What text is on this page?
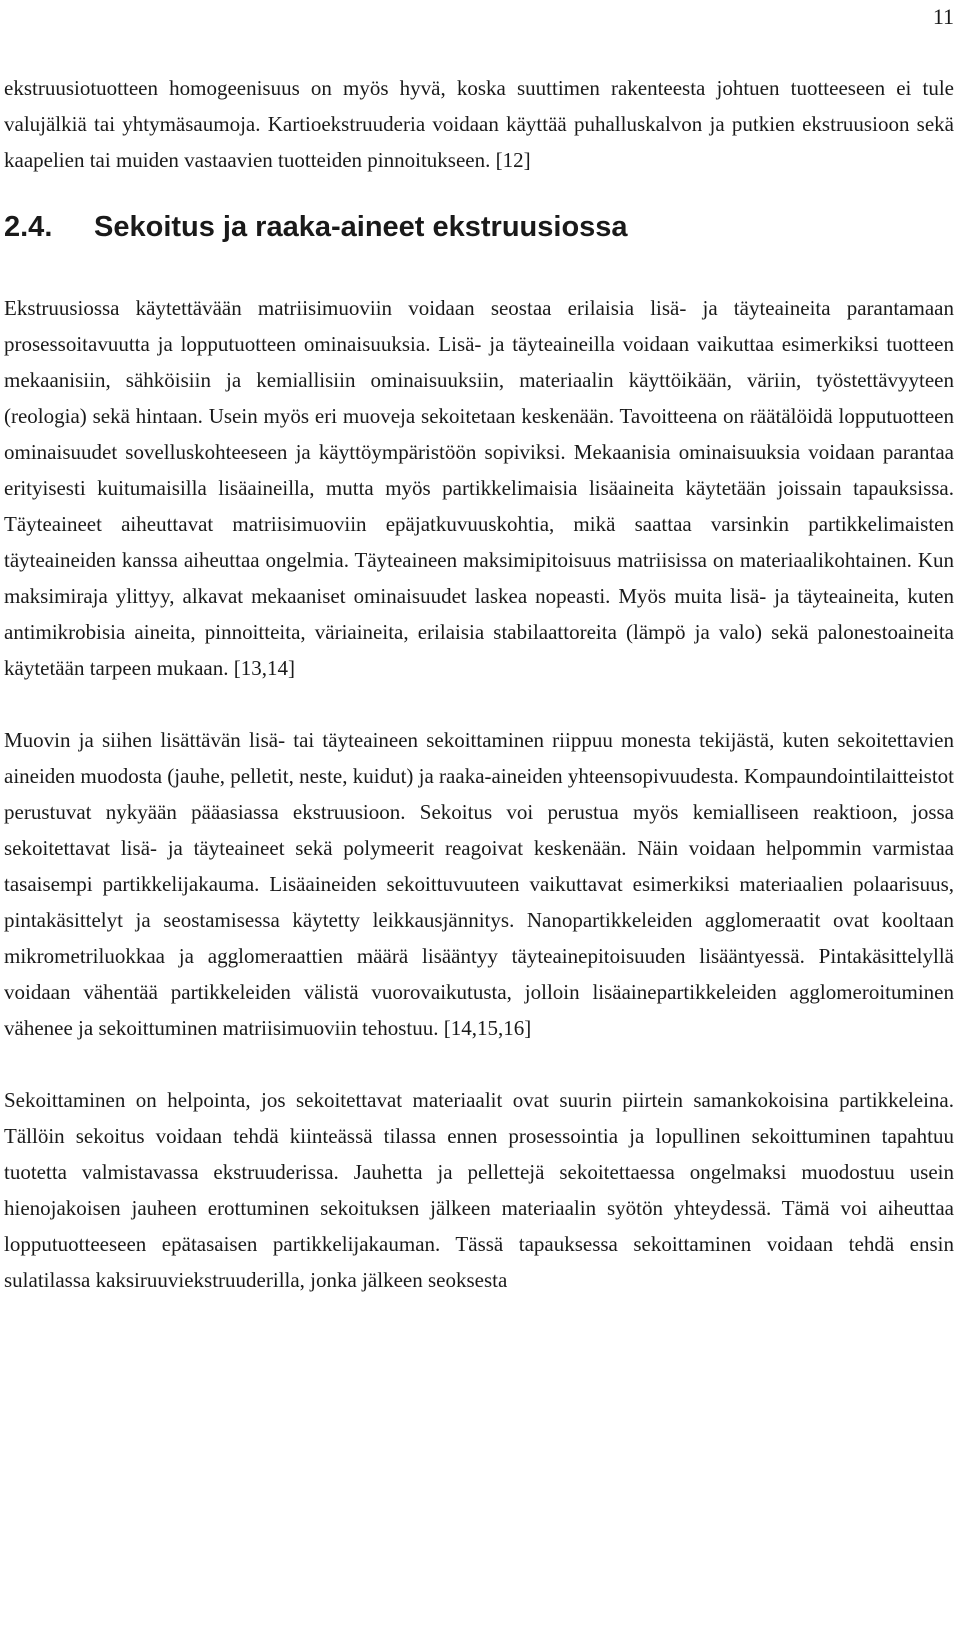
11

ekstruusiotuotteen homogeenisuus on myös hyvä, koska suuttimen rakenteesta johtuen tuotteeseen ei tule valujälkiä tai yhtymäsaumoja. Kartioekstruuderia voidaan käyttää puhalluskalvon ja putkien ekstruusioon sekä kaapelien tai muiden vastaavien tuotteiden pinnoitukseen. [12]

2.4.	Sekoitus ja raaka-aineet ekstruusiossa

Ekstruusiossa käytettävään matriisimuoviin voidaan seostaa erilaisia lisä- ja täyteaineita parantamaan prosessoitavuutta ja lopputuotteen ominaisuuksia. Lisä- ja täyteaineilla voidaan vaikuttaa esimerkiksi tuotteen mekaanisiin, sähköisiin ja kemiallisiin ominaisuuksiin, materiaalin käyttöikään, väriin, työstettävyyteen (reologia) sekä hintaan. Usein myös eri muoveja sekoitetaan keskenään. Tavoitteena on räätälöidä lopputuotteen ominaisuudet sovelluskohteeseen ja käyttöympäristöön sopiviksi. Mekaanisia ominaisuuksia voidaan parantaa erityisesti kuitumaisilla lisäaineilla, mutta myös partikkelimaisia lisäaineita käytetään joissain tapauksissa. Täyteaineet aiheuttavat matriisimuoviin epäjatkuvuuskohtia, mikä saattaa varsinkin partikkelimaisten täyteaineiden kanssa aiheuttaa ongelmia. Täyteaineen maksimipitoisuus matriisissa on materiaalikohtainen. Kun maksimiraja ylittyy, alkavat mekaaniset ominaisuudet laskea nopeasti. Myös muita lisä- ja täyteaineita, kuten antimikrobisia aineita, pinnoitteita, väriaineita, erilaisia stabilaattoreita (lämpö ja valo) sekä palonestoaineita käytetään tarpeen mukaan. [13,14]

Muovin ja siihen lisättävän lisä- tai täyteaineen sekoittaminen riippuu monesta tekijästä, kuten sekoitettavien aineiden muodosta (jauhe, pelletit, neste, kuidut) ja raaka-aineiden yhteensopivuudesta. Kompaundointilaitteistot perustuvat nykyään pääasiassa ekstruusioon. Sekoitus voi perustua myös kemialliseen reaktioon, jossa sekoitettavat lisä- ja täyteaineet sekä polymeerit reagoivat keskenään. Näin voidaan helpommin varmistaa tasaisempi partikkelijakauma. Lisäaineiden sekoittuvuuteen vaikuttavat esimerkiksi materiaalien polaarisuus, pintakäsittelyt ja seostamisessa käytetty leikkausjännitys. Nanopartikkeleiden agglomeraatit ovat kooltaan mikrometriluokkaa ja agglomeraattien määrä lisääntyy täyteainepitoisuuden lisääntyessä. Pintakäsittelyllä voidaan vähentää partikkeleiden välistä vuorovaikutusta, jolloin lisäainepartikkeleiden agglomeroituminen vähenee ja sekoittuminen matriisimuoviin tehostuu. [14,15,16]

Sekoittaminen on helpointa, jos sekoitettavat materiaalit ovat suurin piirtein samankokoisina partikkeleina. Tällöin sekoitus voidaan tehdä kiinteässä tilassa ennen prosessointia ja lopullinen sekoittuminen tapahtuu tuotetta valmistavassa ekstruuderissa. Jauhetta ja pellettejä sekoitettaessa ongelmaksi muodostuu usein hienojakoisen jauheen erottuminen sekoituksen jälkeen materiaalin syötön yhteydessä. Tämä voi aiheuttaa lopputuotteeseen epätasaisen partikkelijakauman. Tässä tapauksessa sekoittaminen voidaan tehdä ensin sulatilassa kaksiruuviekstruuderilla, jonka jälkeen seoksesta
